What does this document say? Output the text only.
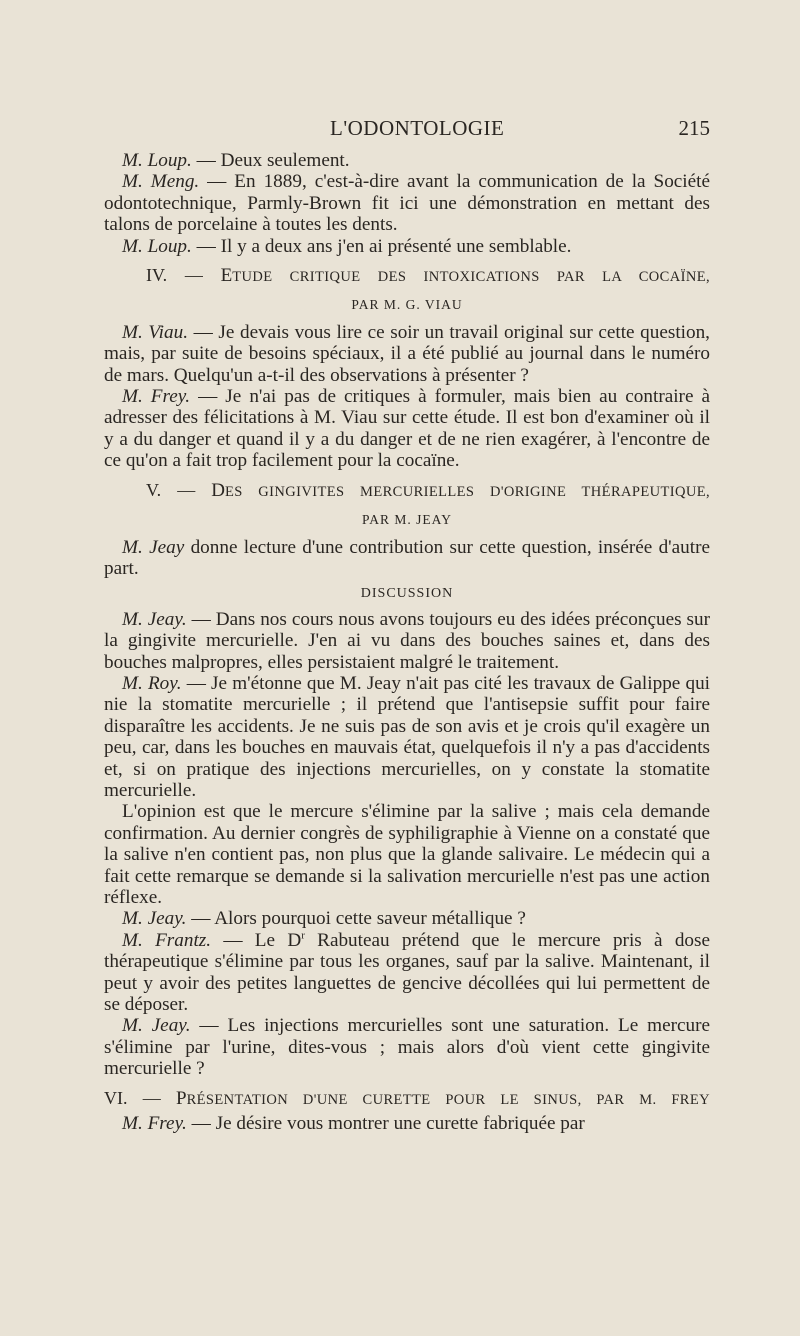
L'ODONTOLOGIE	215

M. Loup. — Deux seulement.

M. Meng. — En 1889, c'est-à-dire avant la communication de la Société odontotechnique, Parmly-Brown fit ici une démonstration en mettant des talons de porcelaine à toutes les dents.

M. Loup. — Il y a deux ans j'en ai présenté une semblable.

IV. — ETUDE CRITIQUE DES INTOXICATIONS PAR LA COCAÏNE,

PAR M. G. VIAU

M. Viau. — Je devais vous lire ce soir un travail original sur cette question, mais, par suite de besoins spéciaux, il a été publié au journal dans le numéro de mars. Quelqu'un a-t-il des observations à présenter ?

M. Frey. — Je n'ai pas de critiques à formuler, mais bien au contraire à adresser des félicitations à M. Viau sur cette étude. Il est bon d'examiner où il y a du danger et quand il y a du danger et de ne rien exagérer, à l'encontre de ce qu'on a fait trop facilement pour la cocaïne.

V. — DES GINGIVITES MERCURIELLES D'ORIGINE THÉRAPEUTIQUE,

PAR M. JEAY

M. Jeay donne lecture d'une contribution sur cette question, insérée d'autre part.

DISCUSSION

M. Jeay. — Dans nos cours nous avons toujours eu des idées préconçues sur la gingivite mercurielle. J'en ai vu dans des bouches saines et, dans des bouches malpropres, elles persistaient malgré le traitement.

M. Roy. — Je m'étonne que M. Jeay n'ait pas cité les travaux de Galippe qui nie la stomatite mercurielle ; il prétend que l'antisepsie suffit pour faire disparaître les accidents. Je ne suis pas de son avis et je crois qu'il exagère un peu, car, dans les bouches en mauvais état, quelquefois il n'y a pas d'accidents et, si on pratique des injections mercurielles, on y constate la stomatite mercurielle.

L'opinion est que le mercure s'élimine par la salive ; mais cela demande confirmation. Au dernier congrès de syphiligraphie à Vienne on a constaté que la salive n'en contient pas, non plus que la glande salivaire. Le médecin qui a fait cette remarque se demande si la salivation mercurielle n'est pas une action réflexe.

M. Jeay. — Alors pourquoi cette saveur métallique ?

M. Frantz. — Le $D^r$ Rabuteau prétend que le mercure pris à dose thérapeutique s'élimine par tous les organes, sauf par la salive. Maintenant, il peut y avoir des petites languettes de gencive décollées qui lui permettent de se déposer.

M. Jeay. — Les injections mercurielles sont une saturation. Le mercure s'élimine par l'urine, dites-vous ; mais alors d'où vient cette gingivite mercurielle ?

VI. — PRÉSENTATION D'UNE CURETTE POUR LE SINUS, PAR M. FREY

M. Frey. — Je désire vous montrer une curette fabriquée par
